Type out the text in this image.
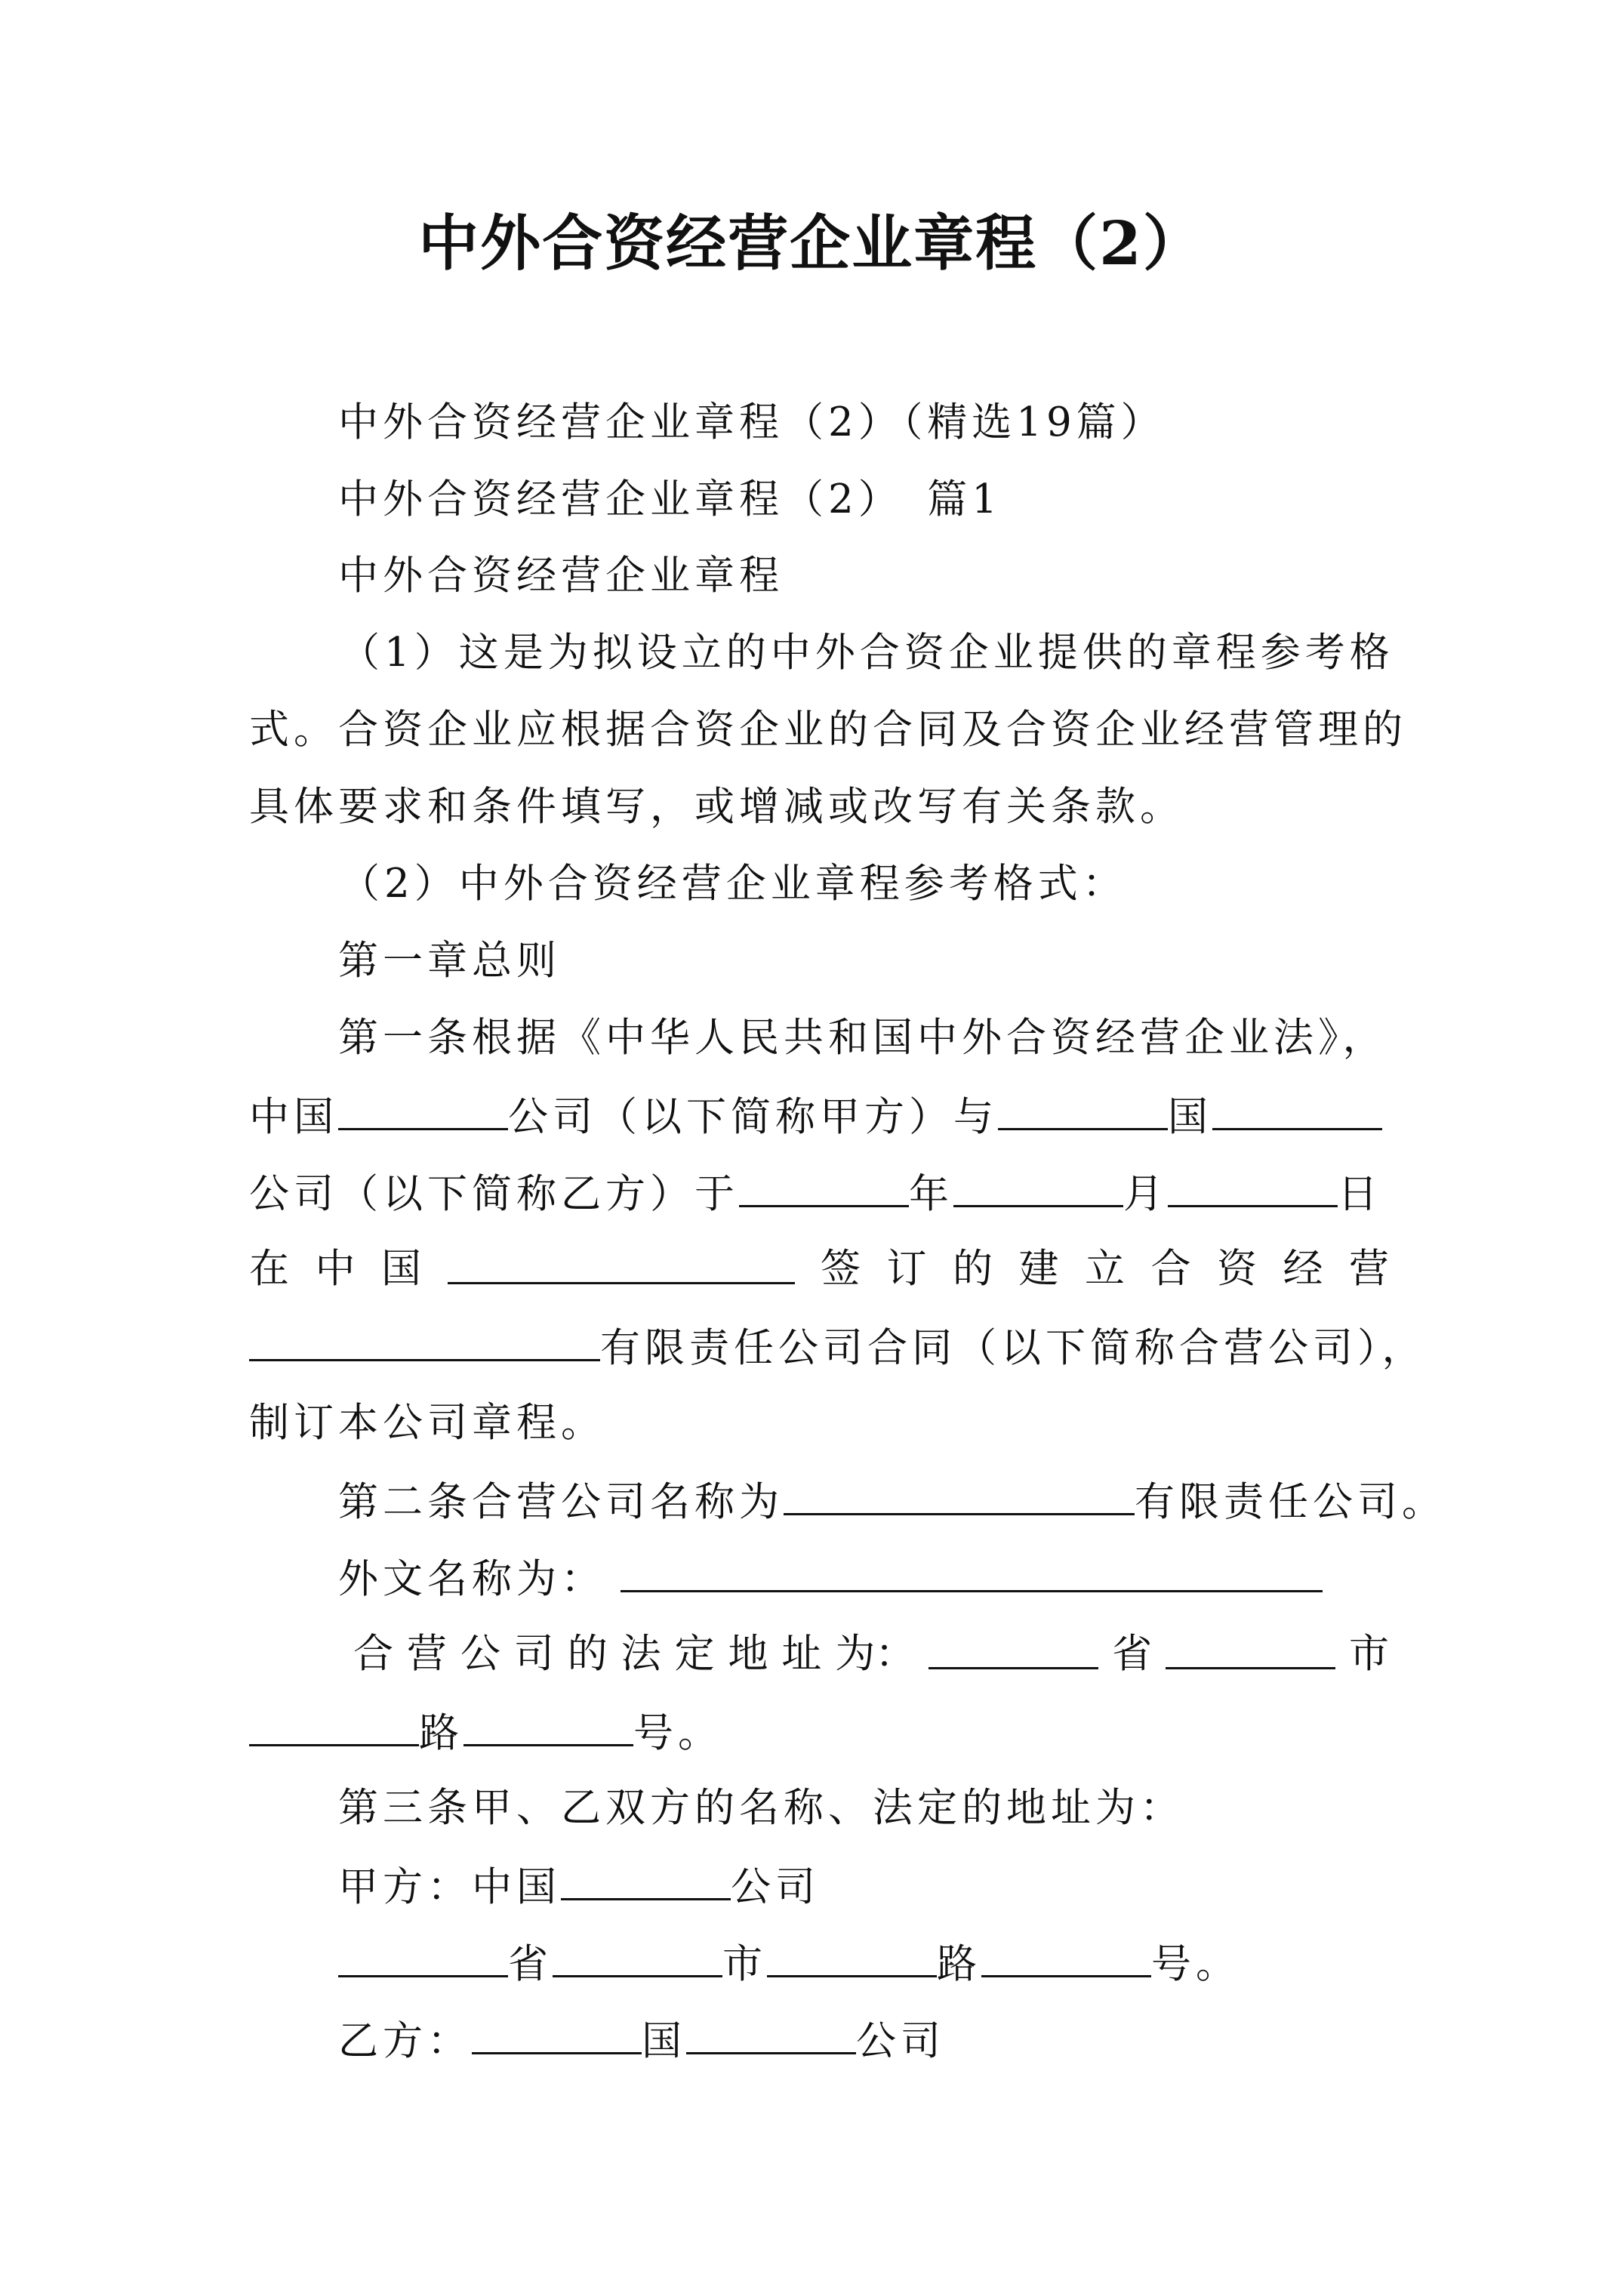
中外合资经营企业章程（2）
中外合资经营企业章程（2）（精选19篇）
中外合资经营企业章程（2）　篇1
中外合资经营企业章程
（1）这是为拟设立的中外合资企业提供的章程参考格
式。合资企业应根据合资企业的合同及合资企业经营管理的
具体要求和条件填写，或增减或改写有关条款。
（2）中外合资经营企业章程参考格式：
第一章总则
第一条根据《中华人民共和国中外合资经营企业法》，
中国	公司（以下简称甲方）与	国
公司（以下简称乙方）于	年	月	日
在 中 国	签 订 的 建 立 合 资 经 营
有限责任公司合同（以下简称合营公司），
制订本公司章程。
第二条合营公司名称为	有限责任公司。
外文名称为：
合 营 公 司 的 法 定 地 址 为：	省	市
路	号。
第三条甲、乙双方的名称、法定的地址为：
甲方：中国	公司
省	市	路	号。
乙方：	国	公司
